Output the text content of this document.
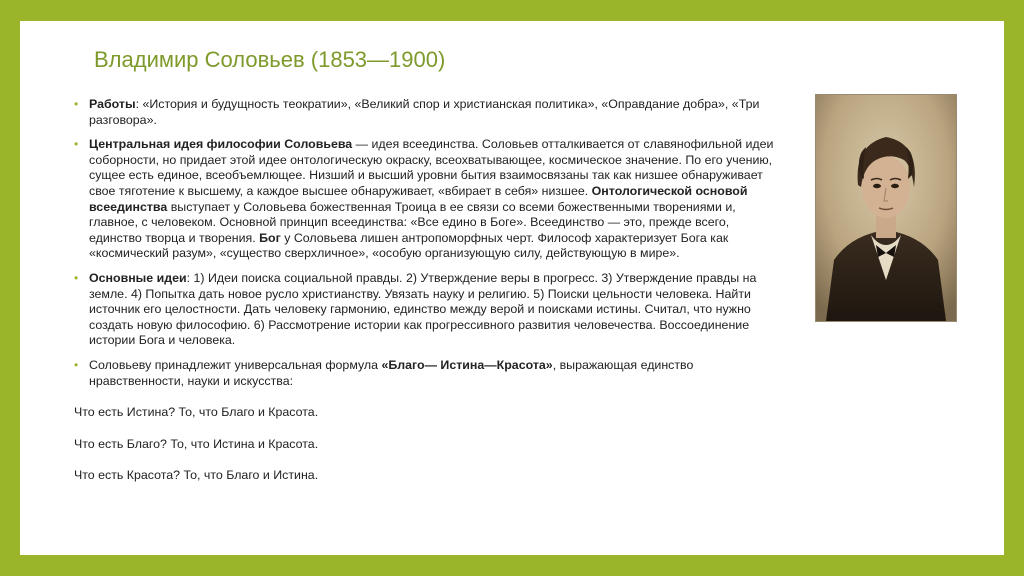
Владимир Соловьев (1853—1900)
• Работы: «История и будущность теократии», «Великий спор и христианская политика», «Оправдание добра», «Три разговора».
• Центральная идея философии Соловьева — идея всеединства. Соловьев отталкивается от славянофильной идеи соборности, но придает этой идее онтологическую окраску, всеохватывающее, космическое значение. По его учению, сущее есть единое, всеобъемлющее. Низший и высший уровни бытия взаимосвязаны так как низшее обнаруживает свое тяготение к высшему, а каждое высшее обнаруживает, «вбирает в себя» низшее. Онтологической основой всеединства выступает у Соловьева божественная Троица в ее связи со всеми божественными творениями и, главное, с человеком. Основной принцип всеединства: «Все едино в Боге». Всеединство — это, прежде всего, единство творца и творения. Бог у Соловьева лишен антропоморфных черт. Философ характеризует Бога как «космический разум», «существо сверхличное», «особую организующую силу, действующую в мире».
• Основные идеи: 1) Идеи поиска социальной правды. 2) Утверждение веры в прогресс. 3) Утверждение правды на земле. 4) Попытка дать новое русло христианству. Увязать науку и религию. 5) Поиски цельности человека. Найти источник его целостности. Дать человеку гармонию, единство между верой и поисками истины. Считал, что нужно создать новую философию. 6) Рассмотрение истории как прогрессивного развития человечества. Воссоединение истории Бога и человека.
• Соловьеву принадлежит универсальная формула «Благо— Истина—Красота», выражающая единство нравственности, науки и искусства:

Что есть Истина? То, что Благо и Красота.

Что есть Благо? То, что Истина и Красота.

Что есть Красота? То, что Благо и Истина.
